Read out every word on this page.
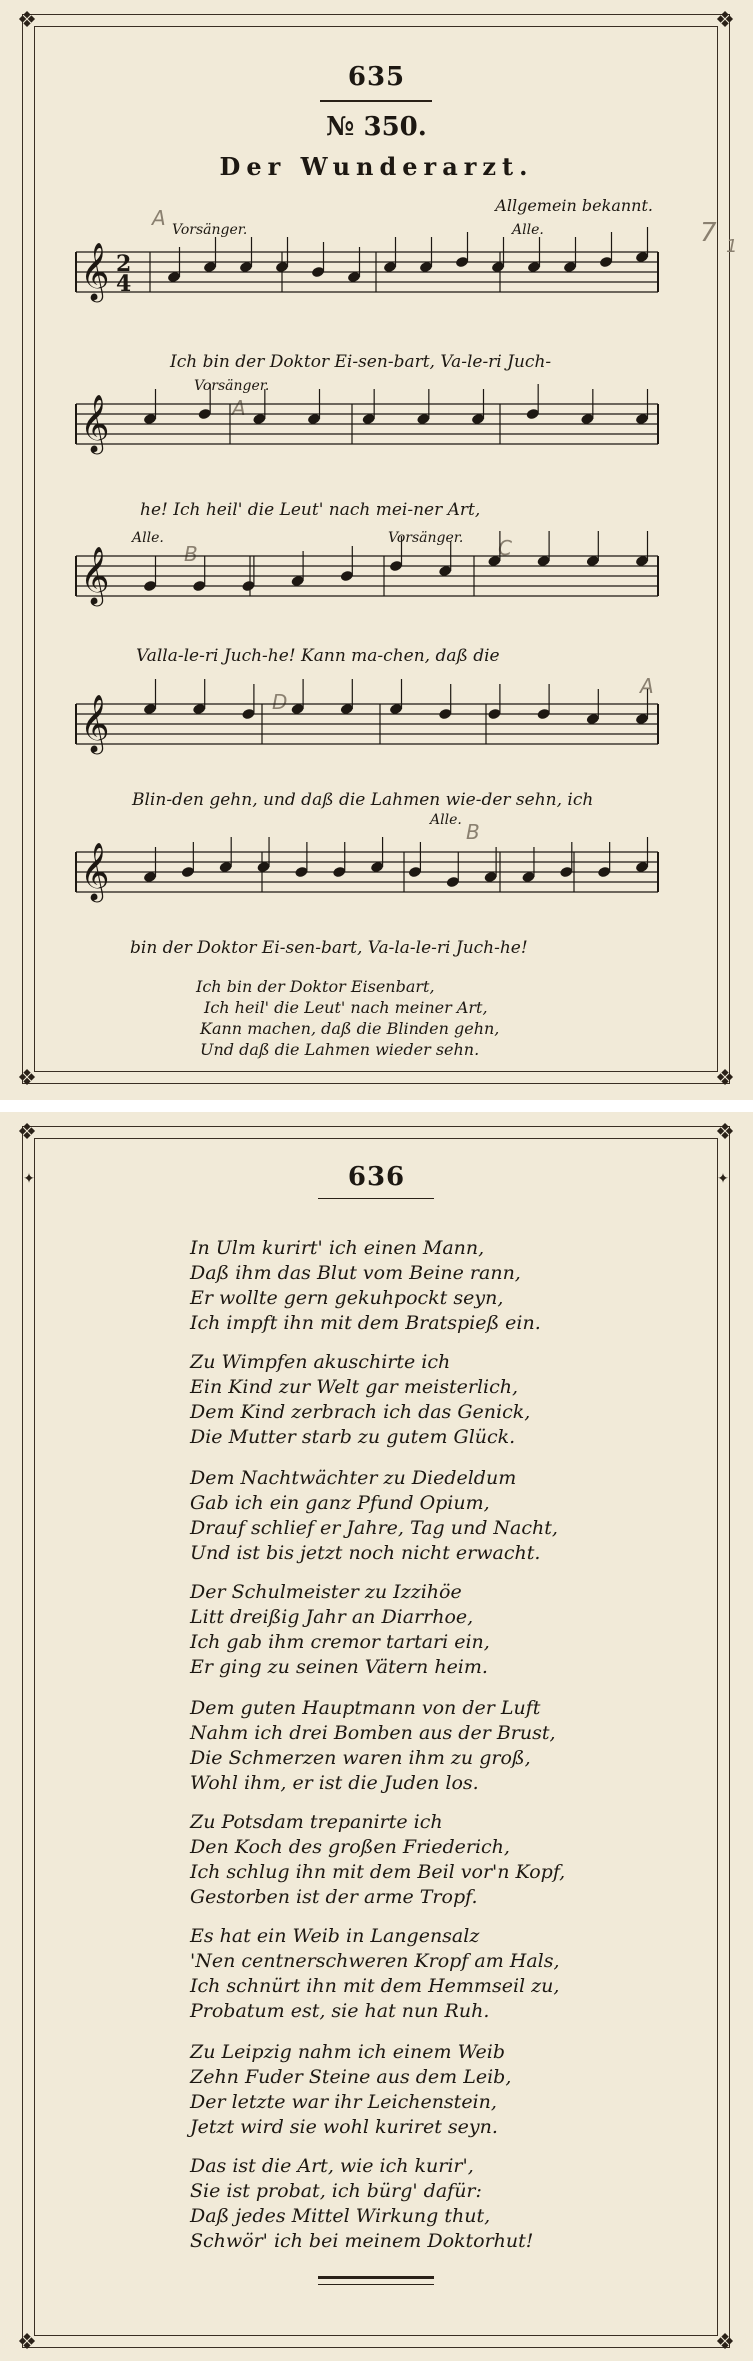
❖	❖
❖	❖
635
№ 350.
Der Wunderarzt.
Allgemein bekannt.
A
A
B	C
D
A
B
7 1
Vorsänger.	Alle.
Vorsänger.
Alle.	Vorsänger.
Alle.
𝄞 2
4
𝄞
𝄞
𝄞
𝄞
Ich bin der Doktor Ei-sen-bart, Va-le-ri Juch-
he! Ich heil' die Leut' nach mei-ner Art,
Valla-le-ri Juch-he! Kann ma-chen, daß die
Blin-den gehn, und daß die Lahmen wie-der sehn, ich
bin der Doktor Ei-sen-bart, Va-la-le-ri Juch-he!
Ich bin der Doktor Eisenbart,
Ich heil' die Leut' nach meiner Art,
Kann machen, daß die Blinden gehn,
Und daß die Lahmen wieder sehn.
❖	❖
❖	❖
✦	✦
636
In Ulm kurirt' ich einen Mann,
Daß ihm das Blut vom Beine rann,
Er wollte gern gekuhpockt seyn,
Ich impft ihn mit dem Bratspieß ein.
Zu Wimpfen akuschirte ich
Ein Kind zur Welt gar meisterlich,
Dem Kind zerbrach ich das Genick,
Die Mutter starb zu gutem Glück.
Dem Nachtwächter zu Diedeldum
Gab ich ein ganz Pfund Opium,
Drauf schlief er Jahre, Tag und Nacht,
Und ist bis jetzt noch nicht erwacht.
Der Schulmeister zu Izzihöe
Litt dreißig Jahr an Diarrhoe,
Ich gab ihm cremor tartari ein,
Er ging zu seinen Vätern heim.
Dem guten Hauptmann von der Luft
Nahm ich drei Bomben aus der Brust,
Die Schmerzen waren ihm zu groß,
Wohl ihm, er ist die Juden los.
Zu Potsdam trepanirte ich
Den Koch des großen Friederich,
Ich schlug ihn mit dem Beil vor'n Kopf,
Gestorben ist der arme Tropf.
Es hat ein Weib in Langensalz
'Nen centnerschweren Kropf am Hals,
Ich schnürt ihn mit dem Hemmseil zu,
Probatum est, sie hat nun Ruh.
Zu Leipzig nahm ich einem Weib
Zehn Fuder Steine aus dem Leib,
Der letzte war ihr Leichenstein,
Jetzt wird sie wohl kuriret seyn.
Das ist die Art, wie ich kurir',
Sie ist probat, ich bürg' dafür:
Daß jedes Mittel Wirkung thut,
Schwör' ich bei meinem Doktorhut!
